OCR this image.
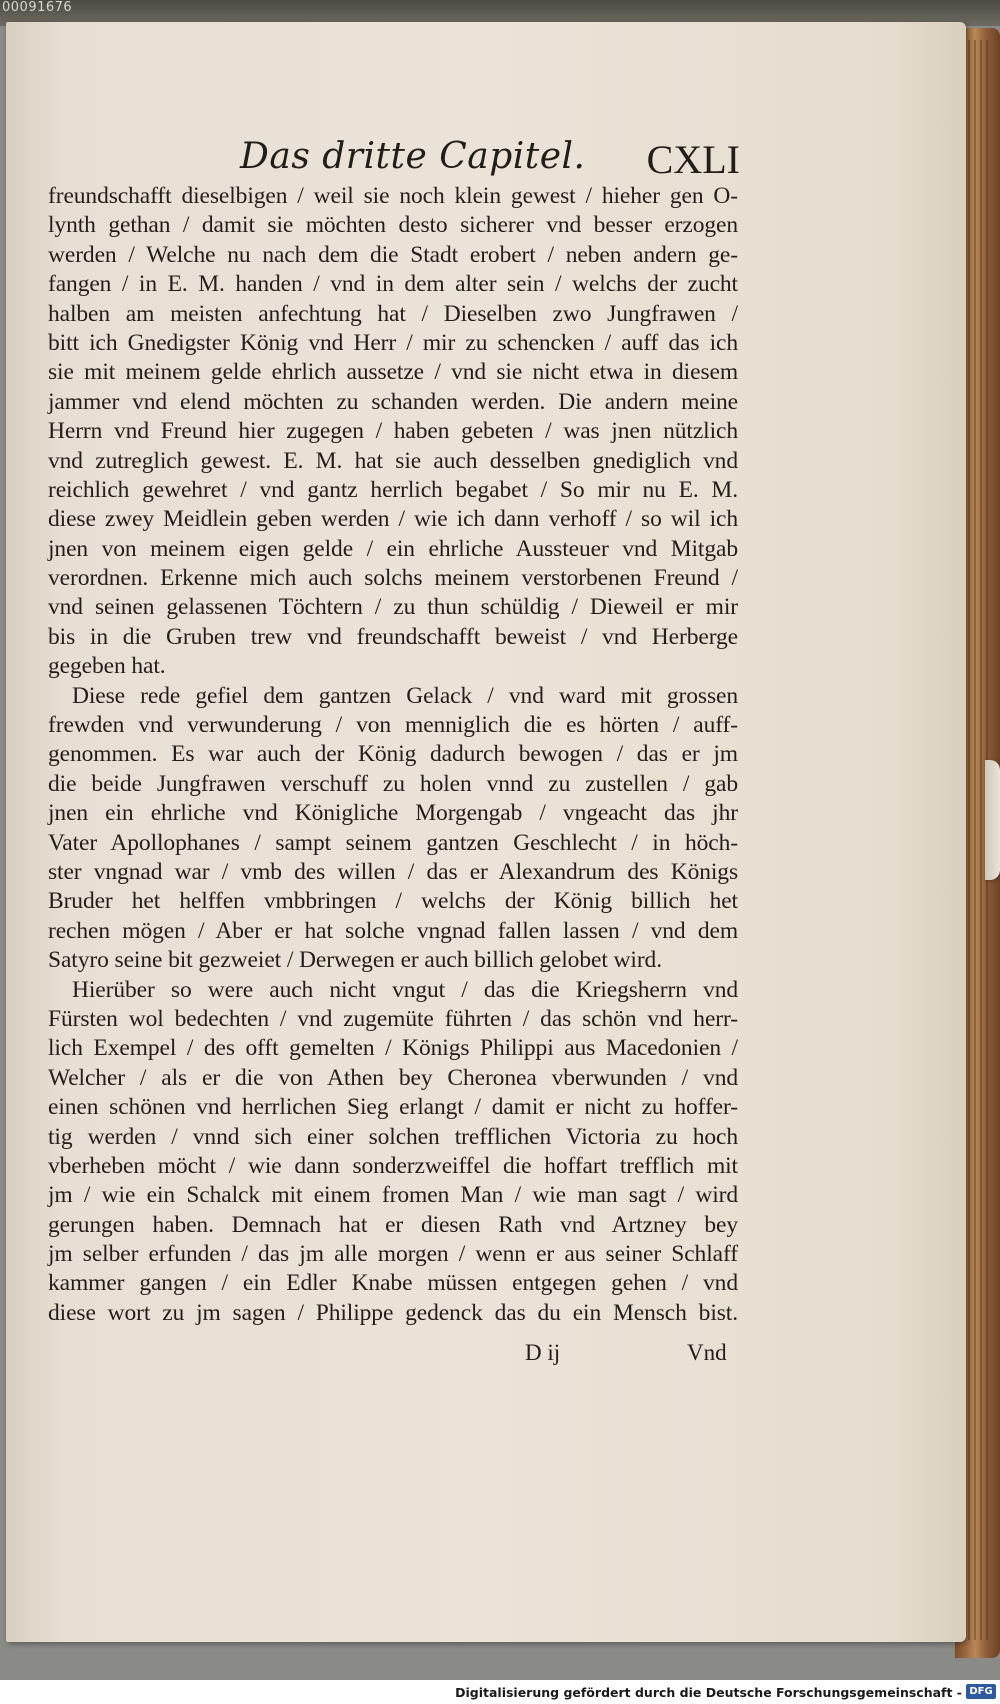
00091676
Das dritte Capitel. CXLI
freundschafft dieselbigen / weil sie noch klein gewest / hieher gen O-
lynth gethan / damit sie möchten desto sicherer vnd besser erzogen
werden / Welche nu nach dem die Stadt erobert / neben andern ge-
fangen / in E. M. handen / vnd in dem alter sein / welchs der zucht
halben am meisten anfechtung hat / Dieselben zwo Jungfrawen /
bitt ich Gnedigster König vnd Herr / mir zu schencken / auff das ich
sie mit meinem gelde ehrlich aussetze / vnd sie nicht etwa in diesem
jammer vnd elend möchten zu schanden werden. Die andern meine
Herrn vnd Freund hier zugegen / haben gebeten / was jnen nützlich
vnd zutreglich gewest. E. M. hat sie auch desselben gnediglich vnd
reichlich gewehret / vnd gantz herrlich begabet / So mir nu E. M.
diese zwey Meidlein geben werden / wie ich dann verhoff / so wil ich
jnen von meinem eigen gelde / ein ehrliche Aussteuer vnd Mitgab
verordnen. Erkenne mich auch solchs meinem verstorbenen Freund /
vnd seinen gelassenen Töchtern / zu thun schüldig / Dieweil er mir
bis in die Gruben trew vnd freundschafft beweist / vnd Herberge
gegeben hat.
Diese rede gefiel dem gantzen Gelack / vnd ward mit grossen
frewden vnd verwunderung / von menniglich die es hörten / auff-
genommen. Es war auch der König dadurch bewogen / das er jm
die beide Jungfrawen verschuff zu holen vnnd zu zustellen / gab
jnen ein ehrliche vnd Königliche Morgengab / vngeacht das jhr
Vater Apollophanes / sampt seinem gantzen Geschlecht / in höch-
ster vngnad war / vmb des willen / das er Alexandrum des Königs
Bruder het helffen vmbbringen / welchs der König billich het
rechen mögen / Aber er hat solche vngnad fallen lassen / vnd dem
Satyro seine bit gezweiet / Derwegen er auch billich gelobet wird.
Hierüber so were auch nicht vngut / das die Kriegsherrn vnd
Fürsten wol bedechten / vnd zugemüte führten / das schön vnd herr-
lich Exempel / des offt gemelten / Königs Philippi aus Macedonien /
Welcher / als er die von Athen bey Cheronea vberwunden / vnd
einen schönen vnd herrlichen Sieg erlangt / damit er nicht zu hoffer-
tig werden / vnnd sich einer solchen trefflichen Victoria zu hoch
vberheben möcht / wie dann sonderzweiffel die hoffart trefflich mit
jm / wie ein Schalck mit einem fromen Man / wie man sagt / wird
gerungen haben. Demnach hat er diesen Rath vnd Artzney bey
jm selber erfunden / das jm alle morgen / wenn er aus seiner Schlaff
kammer gangen / ein Edler Knabe müssen entgegen gehen / vnd
diese wort zu jm sagen / Philippe gedenck das du ein Mensch bist.
D ij	Vnd
Digitalisierung gefördert durch die Deutsche Forschungsgemeinschaft - DFG
